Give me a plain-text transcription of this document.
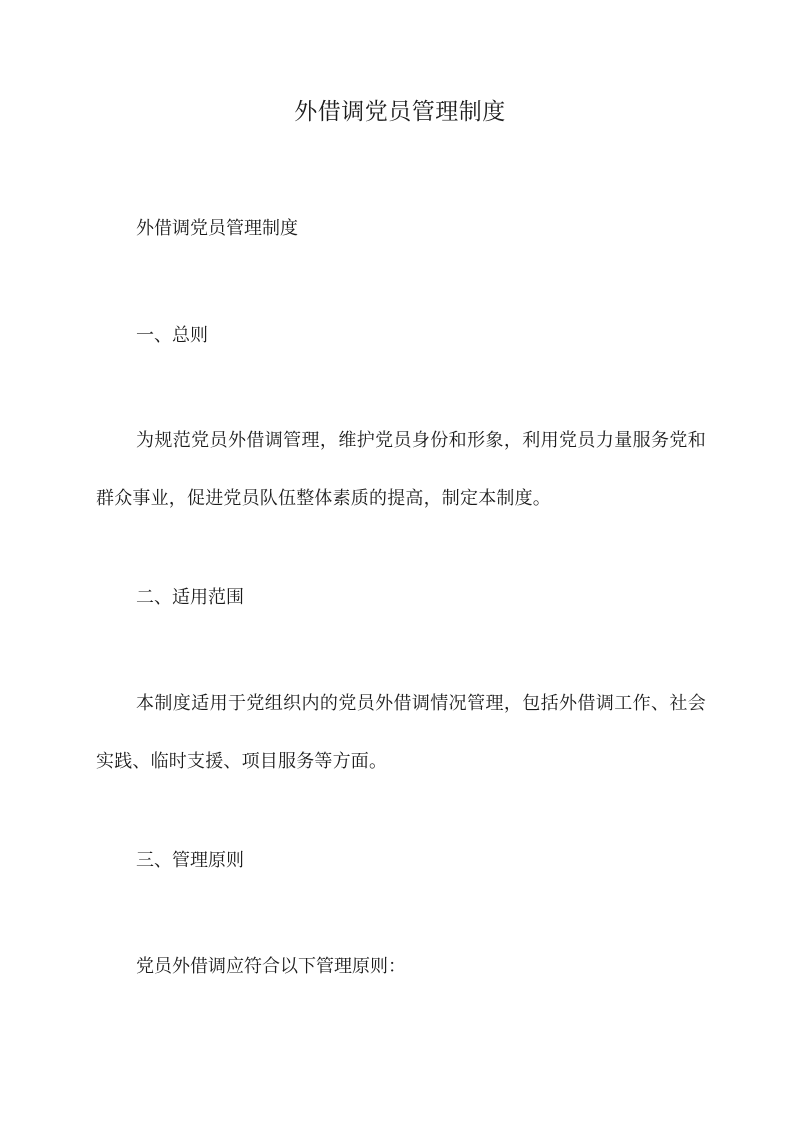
外借调党员管理制度

外借调党员管理制度

一、总则

为规范党员外借调管理，维护党员身份和形象，利用党员力量服务党和群众事业，促进党员队伍整体素质的提高，制定本制度。

二、适用范围

本制度适用于党组织内的党员外借调情况管理，包括外借调工作、社会实践、临时支援、项目服务等方面。

三、管理原则

党员外借调应符合以下管理原则：
